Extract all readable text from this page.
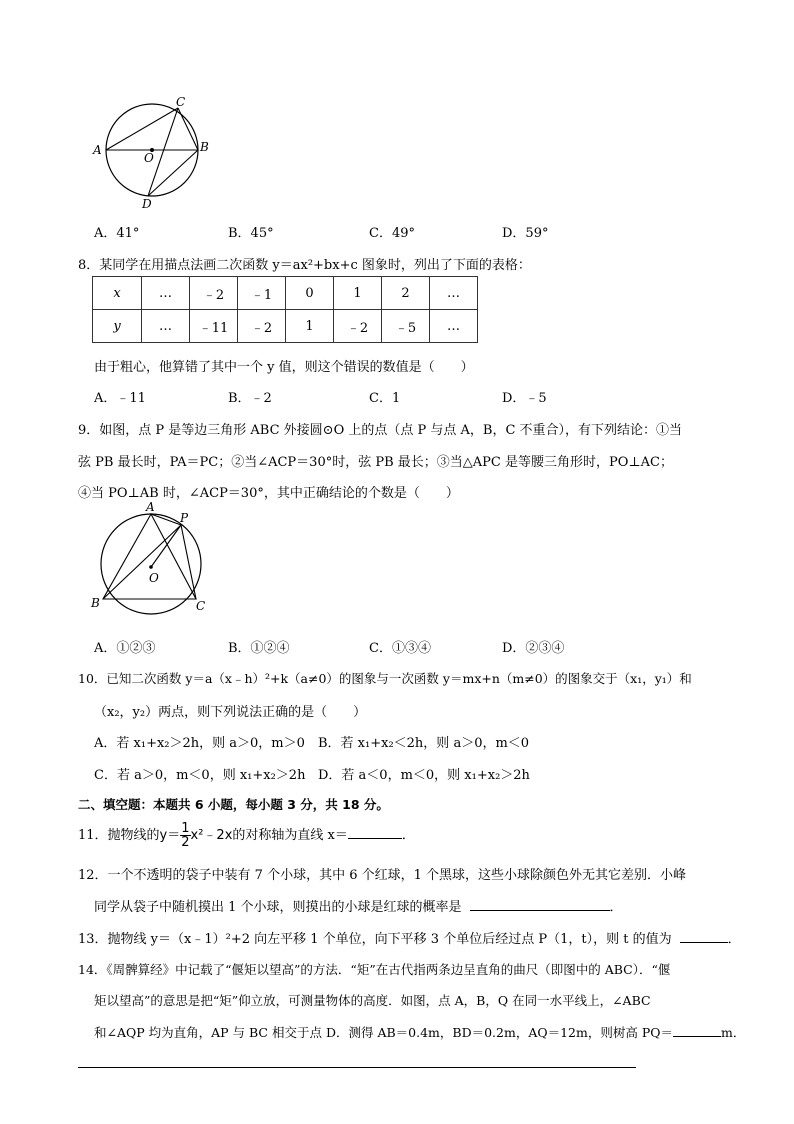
A	B
C
D
O
A．41°	B．45°	C．49°	D．59°
8．某同学在用描点法画二次函数 y＝ax²+bx+c 图象时，列出了下面的表格：
x	…	﹣2	﹣1	0	1	2	…
y	…	﹣11	﹣2	1	﹣2	﹣5	…
由于粗心，他算错了其中一个 y 值，则这个错误的数值是（　　）
A．﹣11	B．﹣2	C．1	D．﹣5
9．如图，点 P 是等边三角形 ABC 外接圆⊙O 上的点（点 P 与点 A，B，C 不重合），有下列结论：①当
弦 PB 最长时，PA＝PC；②当∠ACP＝30°时，弦 PB 最长；③当△APC 是等腰三角形时，PO⊥AC；
④当 PO⊥AB 时，∠ACP＝30°，其中正确结论的个数是（　　）
A
P
O
B	C
A．①②③	B．①②④	C．①③④	D．②③④
10．已知二次函数 y＝a（x﹣h）²+k（a≠0）的图象与一次函数 y＝mx+n（m≠0）的图象交于（x₁，y₁）和
（x₂，y₂）两点，则下列说法正确的是（　　）
A．若 x₁+x₂＞2h，则 a＞0，m＞0 B．若 x₁+x₂＜2h，则 a＞0，m＜0
C．若 a＞0，m＜0，则 x₁+x₂＞2h D．若 a＜0，m＜0，则 x₁+x₂＞2h
二、填空题：本题共 6 小题，每小题 3 分，共 18 分。
11．抛物线的$y= \frac{1}{2}$ x²﹣2x的对称轴为直线 x＝	．
12．一个不透明的袋子中装有 7 个小球，其中 6 个红球，1 个黑球，这些小球除颜色外无其它差别．小峰
同学从袋子中随机摸出 1 个小球，则摸出的小球是红球的概率是	．
13．抛物线 y＝（x﹣1）²+2 向左平移 1 个单位，向下平移 3 个单位后经过点 P（1，t），则 t 的值为	．
14．《周髀算经》中记载了“偃矩以望高”的方法．“矩”在古代指两条边呈直角的曲尺（即图中的 ABC）．“偃
矩以望高”的意思是把“矩”仰立放，可测量物体的高度．如图，点 A，B，Q 在同一水平线上，∠ABC
和∠AQP 均为直角，AP 与 BC 相交于点 D．测得 AB＝0.4m，BD＝0.2m，AQ＝12m，则树高 PQ＝	m．
